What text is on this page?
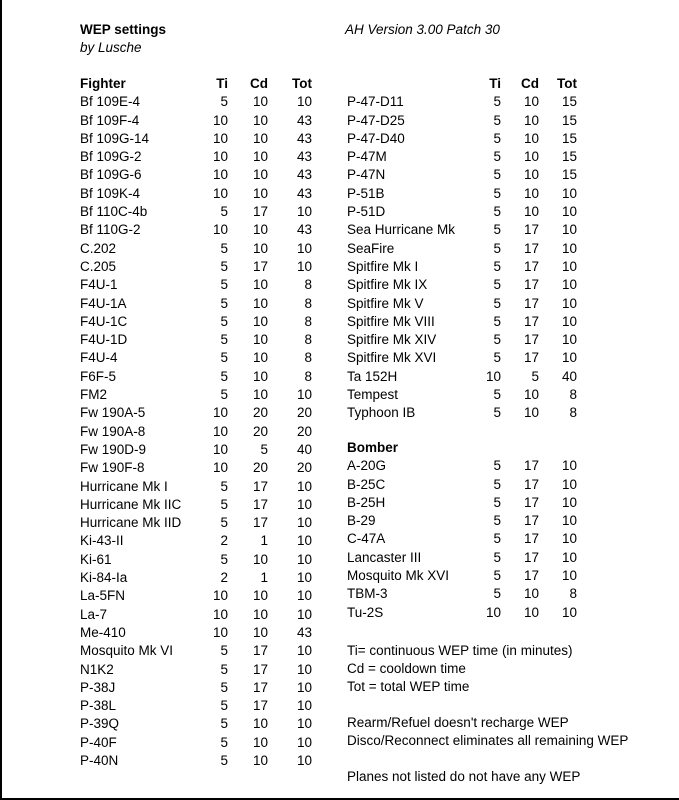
WEP settings
by Lusche
AH Version 3.00 Patch 30
Fighter	Ti	Cd	Tot
Bf 109E-4	5	10	10
Bf 109F-4	10	10	43
Bf 109G-14	10	10	43
Bf 109G-2	10	10	43
Bf 109G-6	10	10	43
Bf 109K-4	10	10	43
Bf 110C-4b	5	17	10
Bf 110G-2	10	10	43
C.202	5	10	10
C.205	5	17	10
F4U-1	5	10	8
F4U-1A	5	10	8
F4U-1C	5	10	8
F4U-1D	5	10	8
F4U-4	5	10	8
F6F-5	5	10	8
FM2	5	10	10
Fw 190A-5	10	20	20
Fw 190A-8	10	20	20
Fw 190D-9	10	5	40
Fw 190F-8	10	20	20
Hurricane Mk I	5	17	10
Hurricane Mk IIC	5	17	10
Hurricane Mk IID	5	17	10
Ki-43-II	2	1	10
Ki-61	5	10	10
Ki-84-Ia	2	1	10
La-5FN	10	10	10
La-7	10	10	10
Me-410	10	10	43
Mosquito Mk VI	5	17	10
N1K2	5	17	10
P-38J	5	17	10
P-38L	5	17	10
P-39Q	5	10	10
P-40F	5	10	10
P-40N	5	10	10
	Ti	Cd	Tot
P-47-D11	5	10	15
P-47-D25	5	10	15
P-47-D40	5	10	15
P-47M	5	10	15
P-47N	5	10	15
P-51B	5	10	10
P-51D	5	10	10
Sea Hurricane Mk	5	17	10
SeaFire	5	17	10
Spitfire Mk I	5	17	10
Spitfire Mk IX	5	17	10
Spitfire Mk V	5	17	10
Spitfire Mk VIII	5	17	10
Spitfire Mk XIV	5	17	10
Spitfire Mk XVI	5	17	10
Ta 152H	10	5	40
Tempest	5	10	8
Typhoon IB	5	10	8
Bomber			
A-20G	5	17	10
B-25C	5	17	10
B-25H	5	17	10
B-29	5	17	10
C-47A	5	17	10
Lancaster III	5	17	10
Mosquito Mk XVI	5	17	10
TBM-3	5	10	8
Tu-2S	10	10	10
Ti= continuous WEP time (in minutes)
Cd = cooldown time
Tot = total WEP time
Rearm/Refuel doesn't recharge WEP
Disco/Reconnect eliminates all remaining WEP
Planes not listed do not have any WEP
